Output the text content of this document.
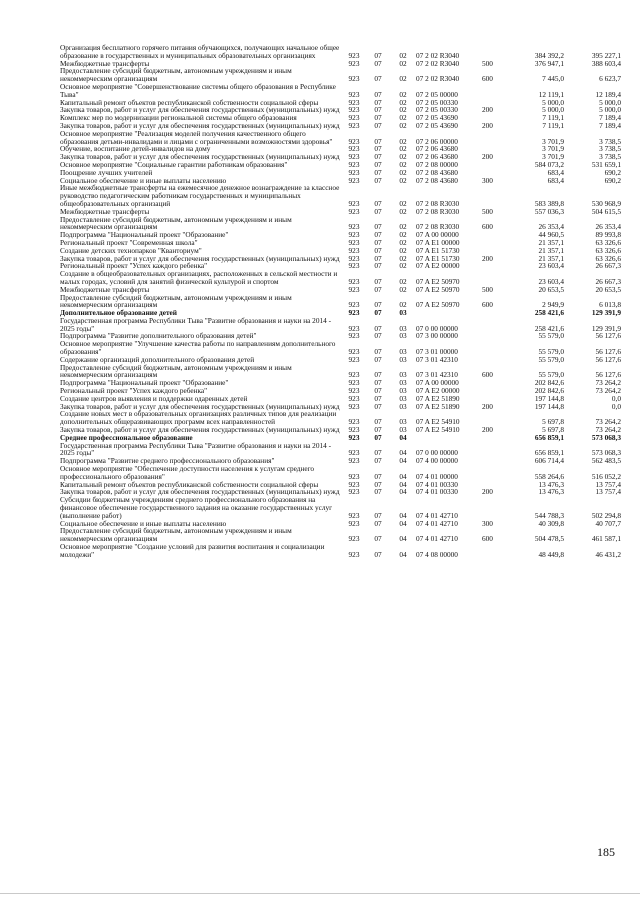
Организация бесплатного горячего питания обучающихся, получающих начальное общее образование в государственных и муниципальных образовательных организациях	923	07	02	07 2 02 R3040		384 392,2	395 227,1
Межбюджетные трансферты	923	07	02	07 2 02 R3040	500	376 947,1	388 603,4
Предоставление субсидий бюджетным, автономным учреждениям и иным некоммерческим организациям	923	07	02	07 2 02 R3040	600	7 445,0	6 623,7
Основное мероприятие "Совершенствование системы общего образования в Республике Тыва"	923	07	02	07 2 05 00000		12 119,1	12 189,4
Капитальный ремонт объектов республиканской собственности социальной сферы	923	07	02	07 2 05 00330		5 000,0	5 000,0
Закупка товаров, работ и услуг для обеспечения государственных (муниципальных) нужд	923	07	02	07 2 05 00330	200	5 000,0	5 000,0
Комплекс мер по модернизации региональной системы общего образования	923	07	02	07 2 05 43690		7 119,1	7 189,4
Закупка товаров, работ и услуг для обеспечения государственных (муниципальных) нужд	923	07	02	07 2 05 43690	200	7 119,1	7 189,4
Основное мероприятие "Реализация моделей получения качественного общего образования детьми-инвалидами и лицами с ограниченными возможностями здоровья"	923	07	02	07 2 06 00000		3 701,9	3 738,5
Обучение, воспитание детей-инвалидов на дому	923	07	02	07 2 06 43680		3 701,9	3 738,5
Закупка товаров, работ и услуг для обеспечения государственных (муниципальных) нужд	923	07	02	07 2 06 43680	200	3 701,9	3 738,5
Основное мероприятие "Социальные гарантии работникам образования"	923	07	02	07 2 08 00000		584 073,2	531 659,1
Поощрение лучших учителей	923	07	02	07 2 08 43680		683,4	690,2
Социальное обеспечение и иные выплаты населению	923	07	02	07 2 08 43680	300	683,4	690,2
Иные межбюджетные трансферты на ежемесячное денежное вознаграждение за классное руководство педагогическим работникам государственных и муниципальных общеобразовательных организаций	923	07	02	07 2 08 R3030		583 389,8	530 968,9
Межбюджетные трансферты	923	07	02	07 2 08 R3030	500	557 036,3	504 615,5
Предоставление субсидий бюджетным, автономным учреждениям и иным некоммерческим организациям	923	07	02	07 2 08 R3030	600	26 353,4	26 353,4
Подпрограмма "Национальный проект "Образование"	923	07	02	07 A 00 00000		44 960,5	89 993,8
Региональный проект "Современная школа"	923	07	02	07 A E1 00000		21 357,1	63 326,6
Создание детских технопарков "Кванториум"	923	07	02	07 A E1 51730		21 357,1	63 326,6
Закупка товаров, работ и услуг для обеспечения государственных (муниципальных) нужд	923	07	02	07 A E1 51730	200	21 357,1	63 326,6
Региональный проект "Успех каждого ребенка"	923	07	02	07 A E2 00000		23 603,4	26 667,3
Создание в общеобразовательных организациях, расположенных в сельской местности и малых городах, условий для занятий физической культурой и спортом	923	07	02	07 A E2 50970		23 603,4	26 667,3
Межбюджетные трансферты	923	07	02	07 A E2 50970	500	20 653,5	20 653,5
Предоставление субсидий бюджетным, автономным учреждениям и иным некоммерческим организациям	923	07	02	07 A E2 50970	600	2 949,9	6 013,8
Дополнительное образование детей	923	07	03			258 421,6	129 391,9
Государственная программа Республики Тыва "Развитие образования и науки на 2014 - 2025 годы"	923	07	03	07 0 00 00000		258 421,6	129 391,9
Подпрограмма "Развитие дополнительного образования детей"	923	07	03	07 3 00 00000		55 579,0	56 127,6
Основное мероприятие "Улучшение качества работы по направлениям дополнительного образования"	923	07	03	07 3 01 00000		55 579,0	56 127,6
Содержание организаций дополнительного образования детей	923	07	03	07 3 01 42310		55 579,0	56 127,6
Предоставление субсидий бюджетным, автономным учреждениям и иным некоммерческим организациям	923	07	03	07 3 01 42310	600	55 579,0	56 127,6
Подпрограмма "Национальный проект "Образование"	923	07	03	07 A 00 00000		202 842,6	73 264,2
Региональный проект "Успех каждого ребенка"	923	07	03	07 A E2 00000		202 842,6	73 264,2
Создание центров выявления и поддержки одаренных детей	923	07	03	07 A E2 51890		197 144,8	0,0
Закупка товаров, работ и услуг для обеспечения государственных (муниципальных) нужд	923	07	03	07 A E2 51890	200	197 144,8	0,0
Создание новых мест в образовательных организациях различных типов для реализации дополнительных общеразвивающих программ всех направленностей	923	07	03	07 A E2 54910		5 697,8	73 264,2
Закупка товаров, работ и услуг для обеспечения государственных (муниципальных) нужд	923	07	03	07 A E2 54910	200	5 697,8	73 264,2
Среднее профессиональное образование	923	07	04			656 859,1	573 068,3
Государственная программа Республики Тыва "Развитие образования и науки на 2014 - 2025 годы"	923	07	04	07 0 00 00000		656 859,1	573 068,3
Подпрограмма "Развитие среднего профессионального образования"	923	07	04	07 4 00 00000		606 714,4	562 483,5
Основное мероприятие "Обеспечение доступности населения к услугам среднего профессионального образования"	923	07	04	07 4 01 00000		558 264,6	516 052,2
Капитальный ремонт объектов республиканской собственности социальной сферы	923	07	04	07 4 01 00330		13 476,3	13 757,4
Закупка товаров, работ и услуг для обеспечения государственных (муниципальных) нужд	923	07	04	07 4 01 00330	200	13 476,3	13 757,4
Субсидии бюджетным учреждениям среднего профессионального образования на финансовое обеспечение государственного задания на оказание государственных услуг (выполнение работ)	923	07	04	07 4 01 42710		544 788,3	502 294,8
Социальное обеспечение и иные выплаты населению	923	07	04	07 4 01 42710	300	40 309,8	40 707,7
Предоставление субсидий бюджетным, автономным учреждениям и иным некоммерческим организациям	923	07	04	07 4 01 42710	600	504 478,5	461 587,1
Основное мероприятие "Создание условий для развития воспитания и социализации молодежи"	923	07	04	07 4 08 00000		48 449,8	46 431,2
185
